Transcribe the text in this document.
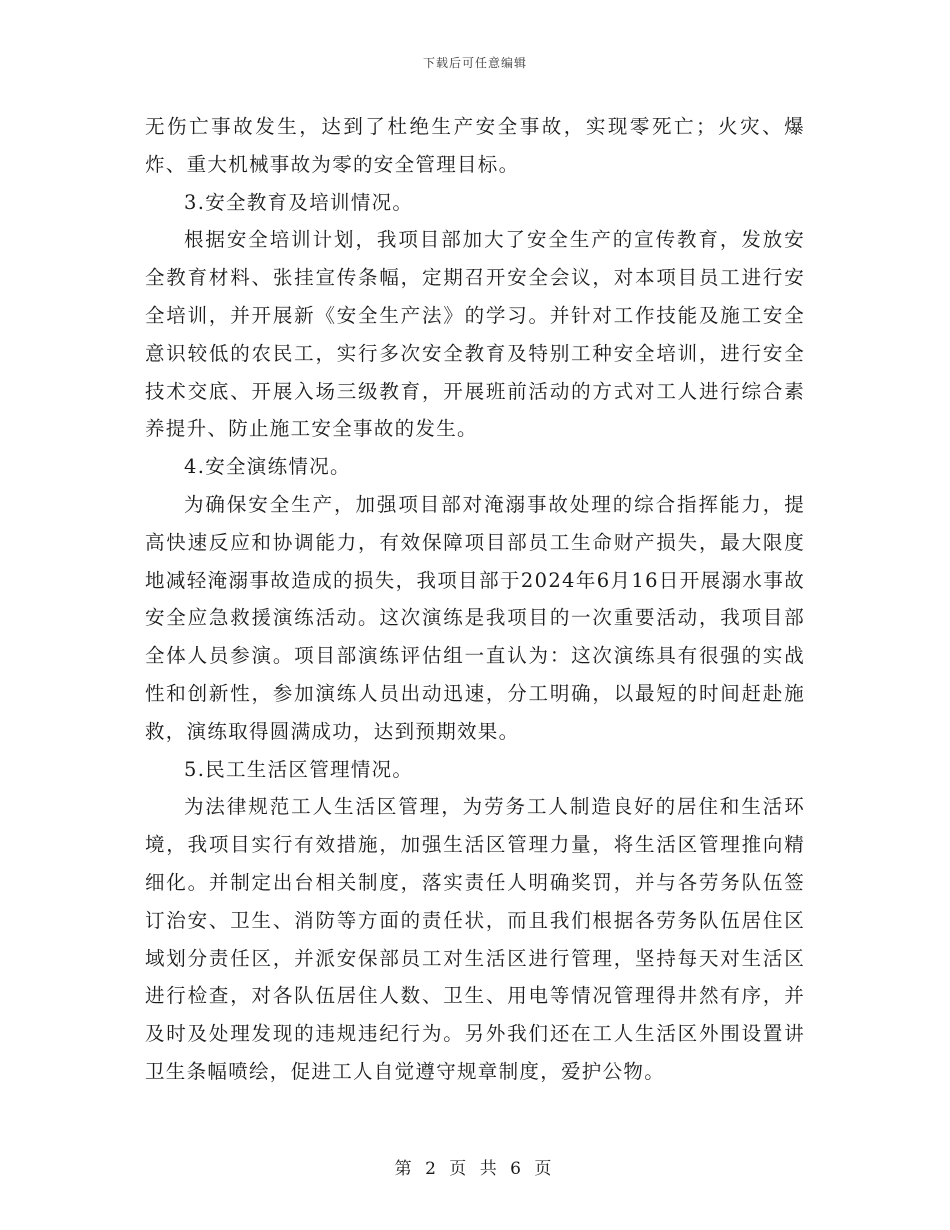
下载后可任意编辑

无伤亡事故发生，达到了杜绝生产安全事故，实现零死亡；火灾、爆炸、重大机械事故为零的安全管理目标。

3.安全教育及培训情况。

根据安全培训计划，我项目部加大了安全生产的宣传教育，发放安全教育材料、张挂宣传条幅，定期召开安全会议，对本项目员工进行安全培训，并开展新《安全生产法》的学习。并针对工作技能及施工安全意识较低的农民工，实行多次安全教育及特别工种安全培训，进行安全技术交底、开展入场三级教育，开展班前活动的方式对工人进行综合素养提升、防止施工安全事故的发生。

4.安全演练情况。

为确保安全生产，加强项目部对淹溺事故处理的综合指挥能力，提高快速反应和协调能力，有效保障项目部员工生命财产损失，最大限度地减轻淹溺事故造成的损失，我项目部于2024年6月16日开展溺水事故安全应急救援演练活动。这次演练是我项目的一次重要活动，我项目部全体人员参演。项目部演练评估组一直认为：这次演练具有很强的实战性和创新性，参加演练人员出动迅速，分工明确，以最短的时间赶赴施救，演练取得圆满成功，达到预期效果。

5.民工生活区管理情况。

为法律规范工人生活区管理，为劳务工人制造良好的居住和生活环境，我项目实行有效措施，加强生活区管理力量，将生活区管理推向精细化。并制定出台相关制度，落实责任人明确奖罚，并与各劳务队伍签订治安、卫生、消防等方面的责任状，而且我们根据各劳务队伍居住区域划分责任区，并派安保部员工对生活区进行管理，坚持每天对生活区进行检查，对各队伍居住人数、卫生、用电等情况管理得井然有序，并及时及处理发现的违规违纪行为。另外我们还在工人生活区外围设置讲卫生条幅喷绘，促进工人自觉遵守规章制度，爱护公物。

第 2 页 共 6 页
